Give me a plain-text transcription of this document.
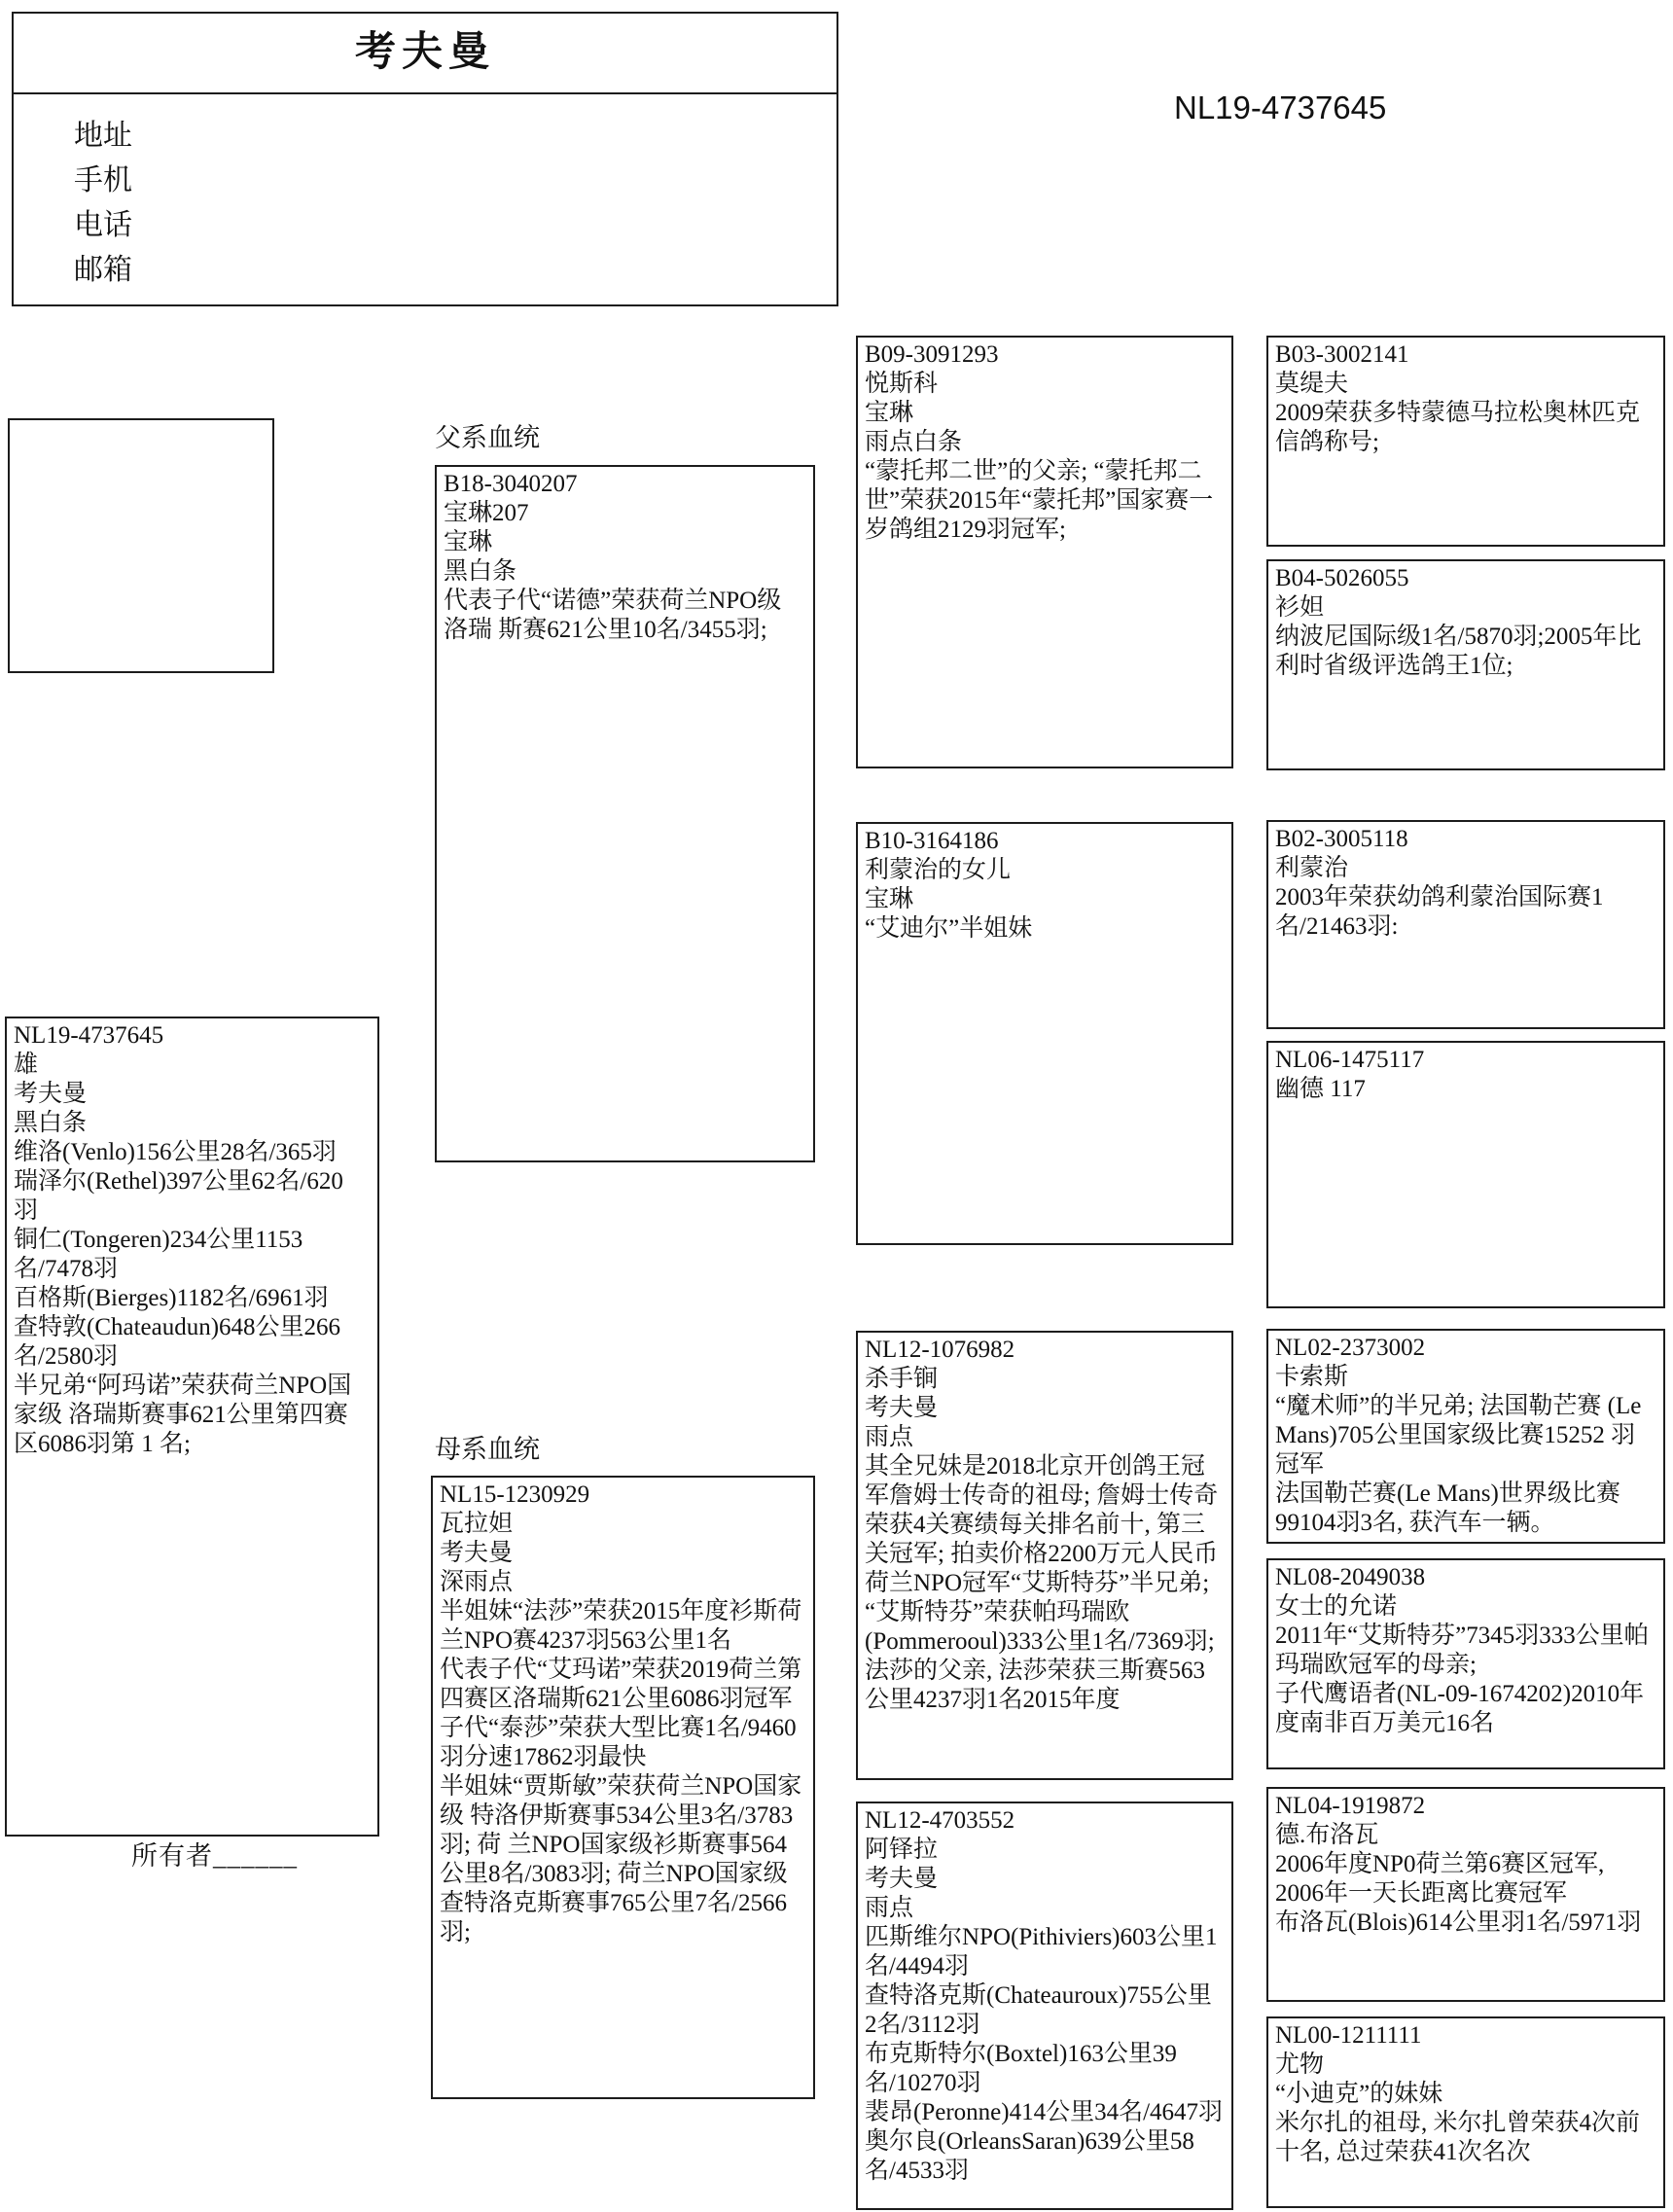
考夫曼
地址
手机
电话
邮箱
NL19-4737645
父系血统
母系血统
NL19-4737645
雄
考夫曼
黑白条
维洛(Venlo)156公里28名/365羽
瑞泽尔(Rethel)397公里62名/620 羽
铜仁(Tongeren)234公里1153 名/7478羽
百格斯(Bierges)1182名/6961羽
查特敦(Chateaudun)648公里266 名/2580羽
半兄弟“阿玛诺”荣获荷兰NPO国家级 洛瑞斯赛事621公里第四赛区6086羽第 1 名;
B18-3040207
宝琳207
宝琳
黑白条
代表子代“诺德”荣获荷兰NPO级洛瑞 斯赛621公里10名/3455羽;
NL15-1230929
瓦拉妲
考夫曼
深雨点
半姐妹“法莎”荣获2015年度衫斯荷兰NPO赛4237羽563公里1名
代表子代“艾玛诺”荣获2019荷兰第四赛区洛瑞斯621公里6086羽冠军
子代“泰莎”荣获大型比赛1名/9460羽分速17862羽最快
半姐妹“贾斯敏”荣获荷兰NPO国家级 特洛伊斯赛事534公里3名/3783羽; 荷 兰NPO国家级衫斯赛事564公里8名/3083羽; 荷兰NPO国家级查特洛克斯赛事765公里7名/2566羽;
B09-3091293
悦斯科
宝琳
雨点白条
“蒙托邦二世”的父亲; “蒙托邦二世”荣获2015年“蒙托邦”国家赛一岁鸽组2129羽冠军;
B10-3164186
利蒙治的女儿
宝琳
“艾迪尔”半姐妹
NL12-1076982
杀手锏
考夫曼
雨点
其全兄妹是2018北京开创鸽王冠军詹姆士传奇的祖母; 詹姆士传奇荣获4关赛绩每关排名前十, 第三关冠军; 拍卖价格2200万元人民币
荷兰NPO冠军“艾斯特芬”半兄弟;
“艾斯特芬”荣获帕玛瑞欧(Pommerooul)333公里1名/7369羽;
法莎的父亲, 法莎荣获三斯赛563公里4237羽1名2015年度
NL12-4703552
阿铎拉
考夫曼
雨点
匹斯维尔NPO(Pithiviers)603公里1名/4494羽
查特洛克斯(Chateauroux)755公里2名/3112羽
布克斯特尔(Boxtel)163公里39名/10270羽
裴昂(Peronne)414公里34名/4647羽
奥尔良(OrleansSaran)639公里58名/4533羽
B03-3002141
莫缇夫
2009荣获多特蒙德马拉松奥林匹克信鸽称号;
B04-5026055
衫妲
纳波尼国际级1名/5870羽;2005年比利时省级评选鸽王1位;
B02-3005118
利蒙治
2003年荣获幼鸽利蒙治国际赛1名/21463羽:
NL06-1475117
幽德 117
NL02-2373002
卡索斯
“魔术师”的半兄弟; 法国勒芒赛 (Le Mans)705公里国家级比赛15252 羽冠军
法国勒芒赛(Le Mans)世界级比赛 99104羽3名, 获汽车一辆。
NL08-2049038
女士的允诺
2011年“艾斯特芬”7345羽333公里帕玛瑞欧冠军的母亲;
子代鹰语者(NL-09-1674202)2010年度南非百万美元16名
NL04-1919872
德.布洛瓦
2006年度NP0荷兰第6赛区冠军, 2006年一天长距离比赛冠军
布洛瓦(Blois)614公里羽1名/5971羽
NL00-1211111
尤物
“小迪克”的妹妹
米尔扎的祖母, 米尔扎曾荣获4次前十名, 总过荣获41次名次
所有者______
